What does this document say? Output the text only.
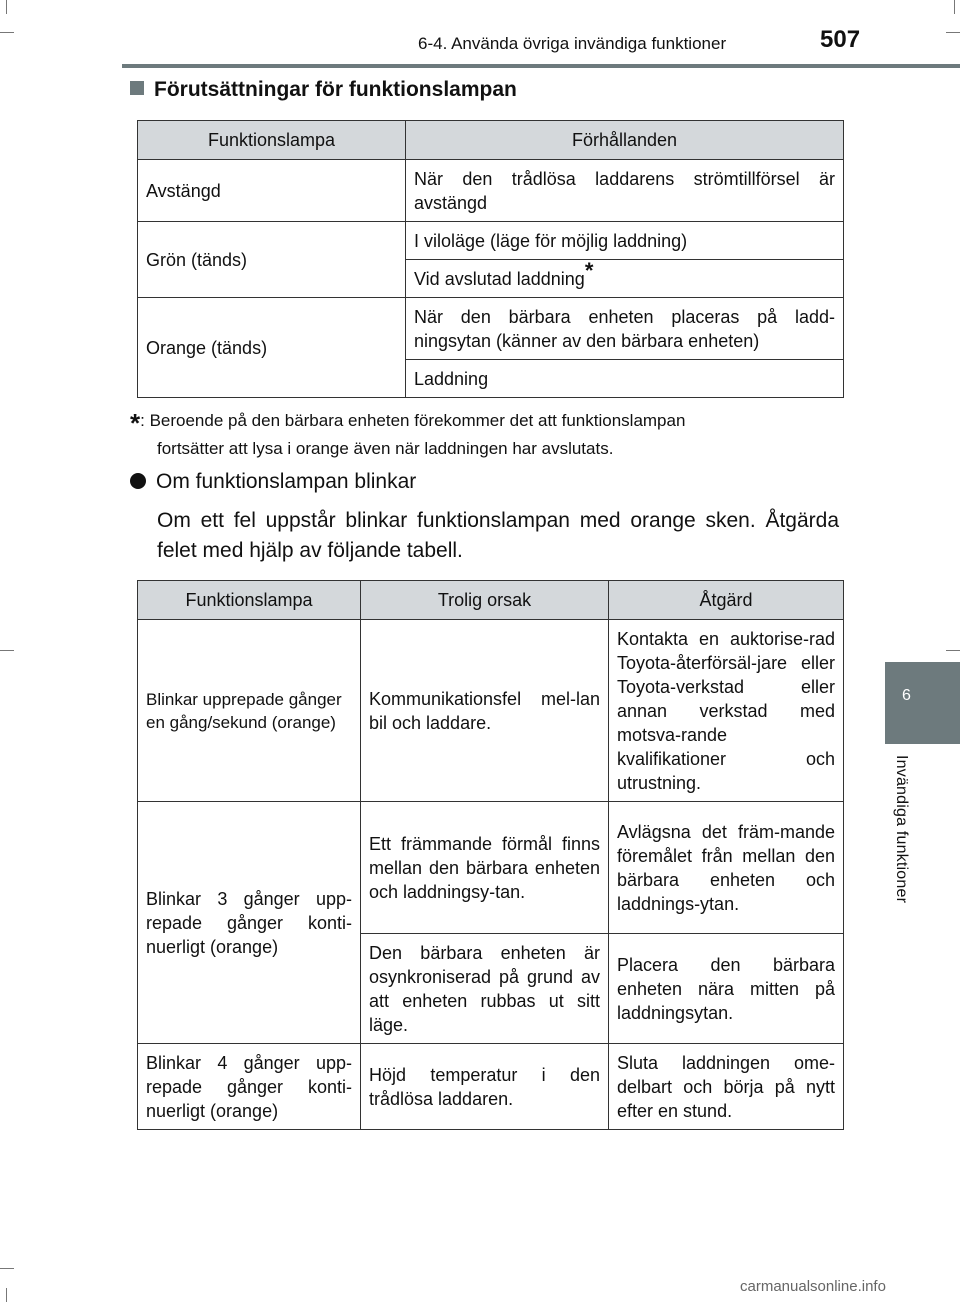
6-4. Använda övriga invändiga funktioner	507
6
Invändiga funktioner
Förutsättningar för funktionslampan
Funktionslampa	Förhållanden
Avstängd	När den trådlösa laddarens strömtillförsel är avstängd
Grön (tänds)	I viloläge (läge för möjlig laddning)
	Vid avslutad laddning*
Orange (tänds)	När den bärbara enheten placeras på ladd-ningsytan (känner av den bärbara enheten)
	Laddning
*: Beroende på den bärbara enheten förekommer det att funktionslampan
fortsätter att lysa i orange även när laddningen har avslutats.
Om funktionslampan blinkar
Om ett fel uppstår blinkar funktionslampan med orange sken. Åtgärda felet med hjälp av följande tabell.
Funktionslampa	Trolig orsak	Åtgärd
Blinkar upprepade gånger en gång/sekund (orange)	Kommunikationsfel mel-lan bil och laddare.	Kontakta en auktorise-rad Toyota-återförsäl-jare eller Toyota-verkstad eller annan verkstad med motsva-rande kvalifikationer och utrustning.
Blinkar 3 gånger upp-repade gånger konti-nuerligt (orange)	Ett främmande förmål finns mellan den bärbara enheten och laddningsy-tan.	Avlägsna det främ-mande föremålet från mellan den bärbara enheten och laddnings-ytan.
	Den bärbara enheten är osynkroniserad på grund av att enheten rubbas ut sitt läge.	Placera den bärbara enheten nära mitten på laddningsytan.
Blinkar 4 gånger upp-repade gånger konti-nuerligt (orange)	Höjd temperatur i den trådlösa laddaren.	Sluta laddningen ome-delbart och börja på nytt efter en stund.
carmanualsonline.info
